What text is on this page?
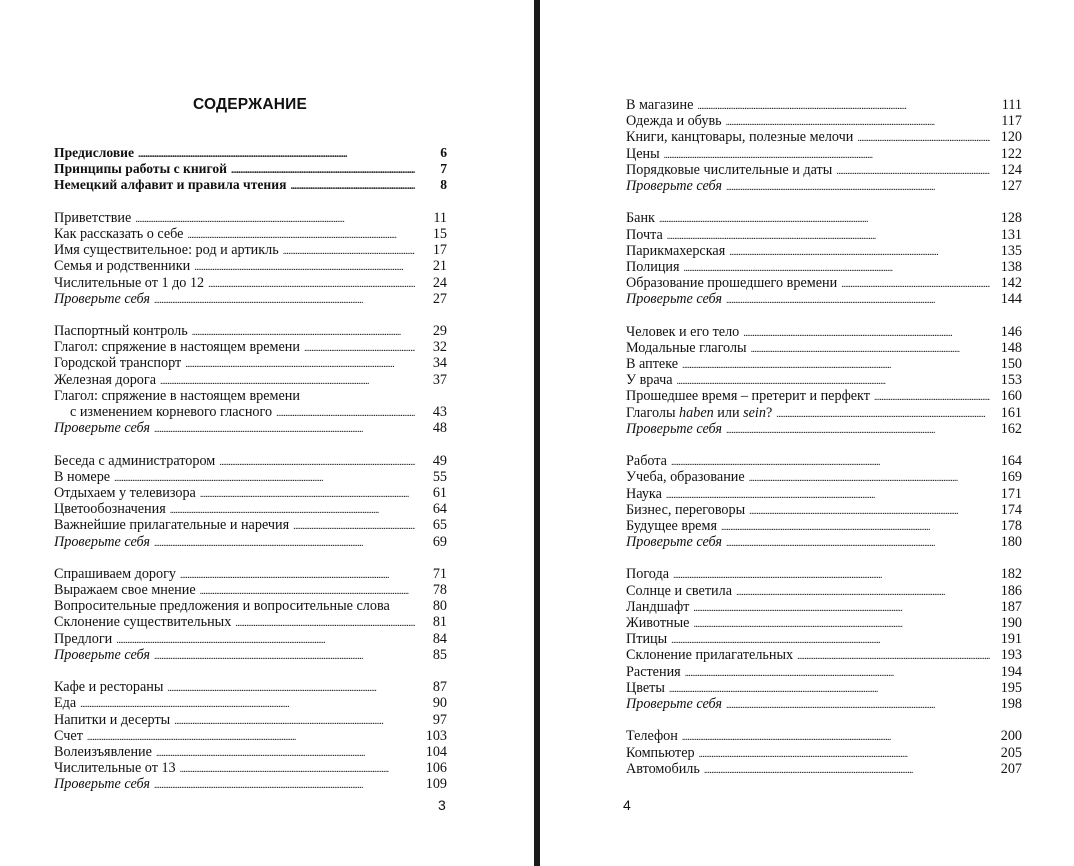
СОДЕРЖАНИЕ
Предисловие . . .	6
Принципы работы с книгой . . .	7
Немецкий алфавит и правила чтения . . .	8
Приветствие . . .	11
Как рассказать о себе . . .	15
Имя существительное: род и артикль . . .	17
Семья и родственники . . .	21
Числительные от 1 до 12 . . .	24
Проверьте себя . . .	27
Паспортный контроль . . .	29
Глагол: спряжение в настоящем времени . . .	32
Городской транспорт . . .	34
Железная дорога . . .	37
Глагол: спряжение в настоящем времени
с изменением корневого гласного . . .	43
Проверьте себя . . .	48
Беседа с администратором . . .	49
В номере . . .	55
Отдыхаем у телевизора . . .	61
Цветообозначения . . .	64
Важнейшие прилагательные и наречия . . .	65
Проверьте себя . . .	69
Спрашиваем дорогу . . .	71
Выражаем свое мнение . . .	78
Вопросительные предложения и вопросительные слова	80
Склонение существительных . . .	81
Предлоги . . .	84
Проверьте себя . . .	85
Кафе и рестораны . . .	87
Еда . . .	90
Напитки и десерты . . .	97
Счет . . .	103
Волеизъявление . . .	104
Числительные от 13 . . .	106
Проверьте себя . . .	109
В магазине . . .	111
Одежда и обувь . . .	117
Книги, канцтовары, полезные мелочи . . .	120
Цены . . .	122
Порядковые числительные и даты . . .	124
Проверьте себя . . .	127
Банк . . .	128
Почта . . .	131
Парикмахерская . . .	135
Полиция . . .	138
Образование прошедшего времени . . .	142
Проверьте себя . . .	144
Человек и его тело . . .	146
Модальные глаголы . . .	148
В аптеке . . .	150
У врача . . .	153
Прошедшее время – претерит и перфект . . .	160
Глаголы haben или sein? . . .	161
Проверьте себя . . .	162
Работа . . .	164
Учеба, образование . . .	169
Наука . . .	171
Бизнес, переговоры . . .	174
Будущее время . . .	178
Проверьте себя . . .	180
Погода . . .	182
Солнце и светила . . .	186
Ландшафт . . .	187
Животные . . .	190
Птицы . . .	191
Склонение прилагательных . . .	193
Растения . . .	194
Цветы . . .	195
Проверьте себя . . .	198
Телефон . . .	200
Компьютер . . .	205
Автомобиль . . .	207
3	4
